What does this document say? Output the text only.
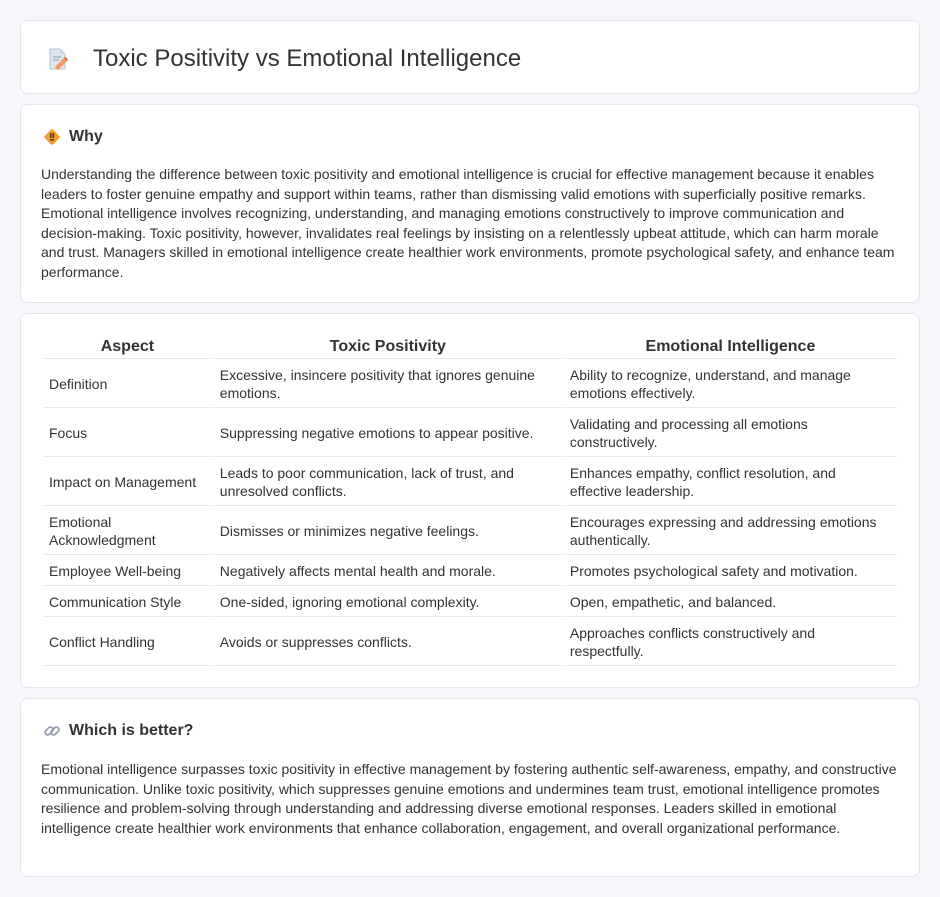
Toxic Positivity vs Emotional Intelligence
Why

Understanding the difference between toxic positivity and emotional intelligence is crucial for effective management because it enables leaders to foster genuine empathy and support within teams, rather than dismissing valid emotions with superficially positive remarks. Emotional intelligence involves recognizing, understanding, and managing emotions constructively to improve communication and decision-making. Toxic positivity, however, invalidates real feelings by insisting on a relentlessly upbeat attitude, which can harm morale and trust. Managers skilled in emotional intelligence create healthier work environments, promote psychological safety, and enhance team performance.

Aspect	Toxic Positivity	Emotional Intelligence
Definition	Excessive, insincere positivity that ignores genuine emotions.	Ability to recognize, understand, and manage emotions effectively.
Focus	Suppressing negative emotions to appear positive.	Validating and processing all emotions constructively.
Impact on Management	Leads to poor communication, lack of trust, and unresolved conflicts.	Enhances empathy, conflict resolution, and effective leadership.
Emotional Acknowledgment	Dismisses or minimizes negative feelings.	Encourages expressing and addressing emotions authentically.
Employee Well-being	Negatively affects mental health and morale.	Promotes psychological safety and motivation.
Communication Style	One-sided, ignoring emotional complexity.	Open, empathetic, and balanced.
Conflict Handling	Avoids or suppresses conflicts.	Approaches conflicts constructively and respectfully.
Which is better?

Emotional intelligence surpasses toxic positivity in effective management by fostering authentic self-awareness, empathy, and constructive communication. Unlike toxic positivity, which suppresses genuine emotions and undermines team trust, emotional intelligence promotes resilience and problem-solving through understanding and addressing diverse emotional responses. Leaders skilled in emotional intelligence create healthier work environments that enhance collaboration, engagement, and overall organizational performance.
